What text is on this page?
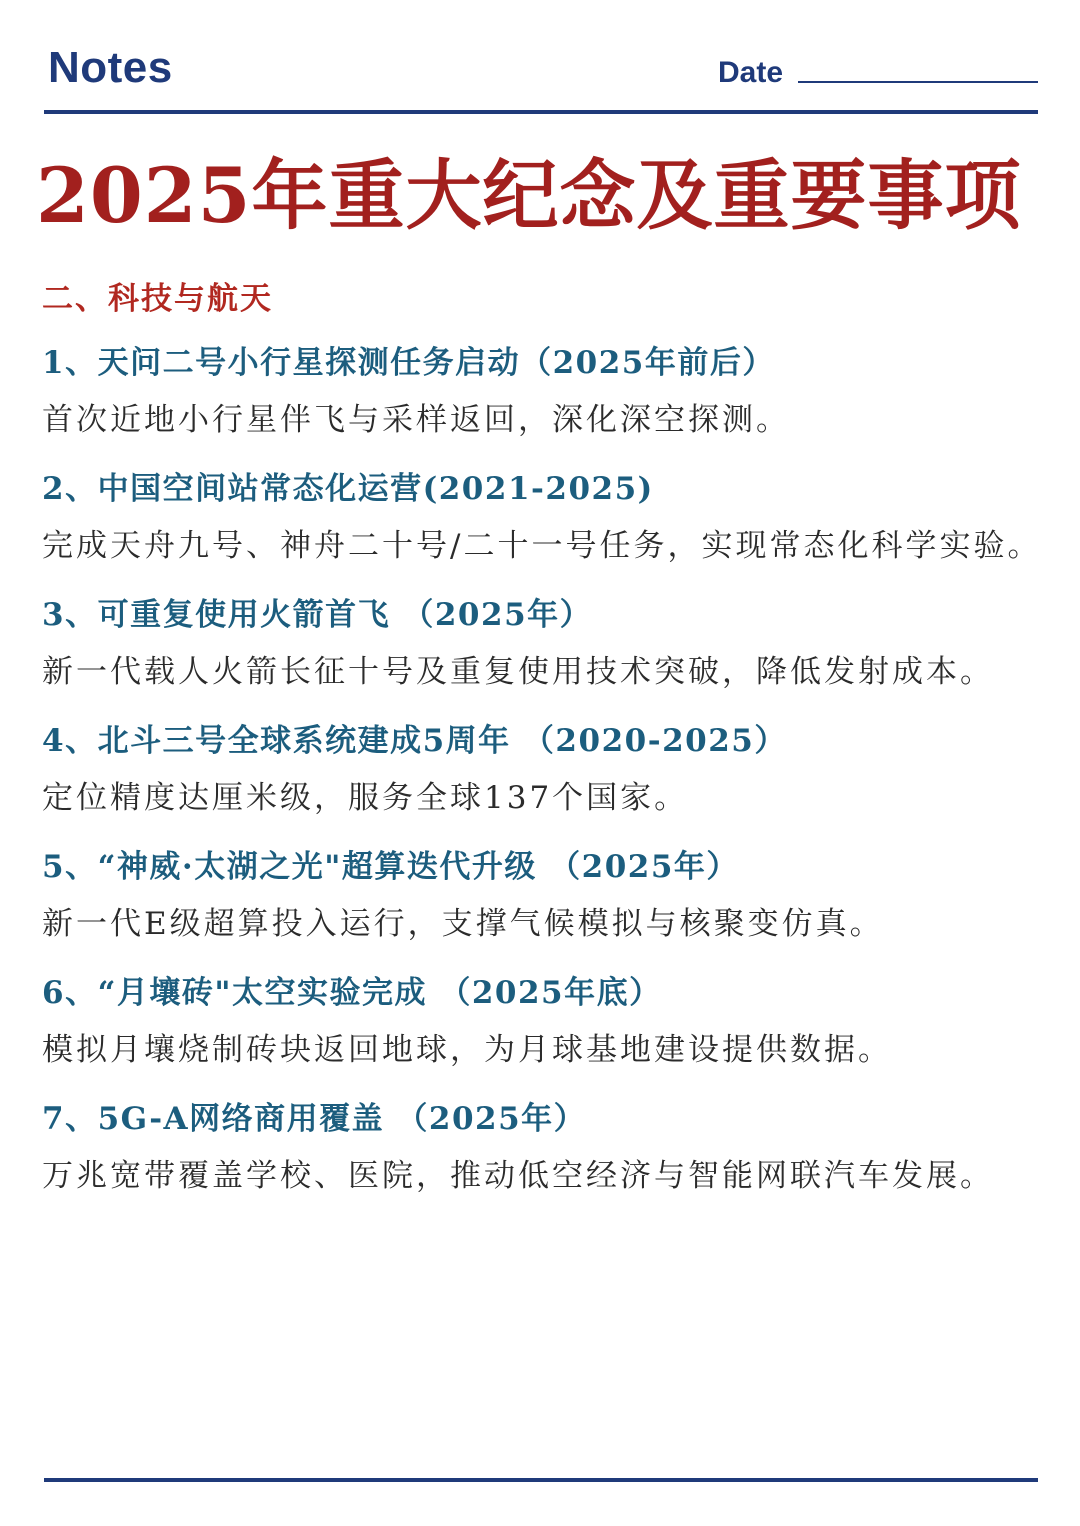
Notes	Date
2025年重大纪念及重要事项
二、科技与航天
1、天问二号小行星探测任务启动（2025年前后）
首次近地小行星伴飞与采样返回，深化深空探测。
2、中国空间站常态化运营(2021-2025)
完成天舟九号、神舟二十号/二十一号任务，实现常态化科学实验。
3、可重复使用火箭首飞 （2025年）
新一代载人火箭长征十号及重复使用技术突破，降低发射成本。
4、北斗三号全球系统建成5周年 （2020-2025）
定位精度达厘米级，服务全球137个国家。
5、“神威·太湖之光"超算迭代升级 （2025年）
新一代E级超算投入运行，支撑气候模拟与核聚变仿真。
6、“月壤砖"太空实验完成 （2025年底）
模拟月壤烧制砖块返回地球，为月球基地建设提供数据。
7、5G-A网络商用覆盖 （2025年）
万兆宽带覆盖学校、医院，推动低空经济与智能网联汽车发展。
